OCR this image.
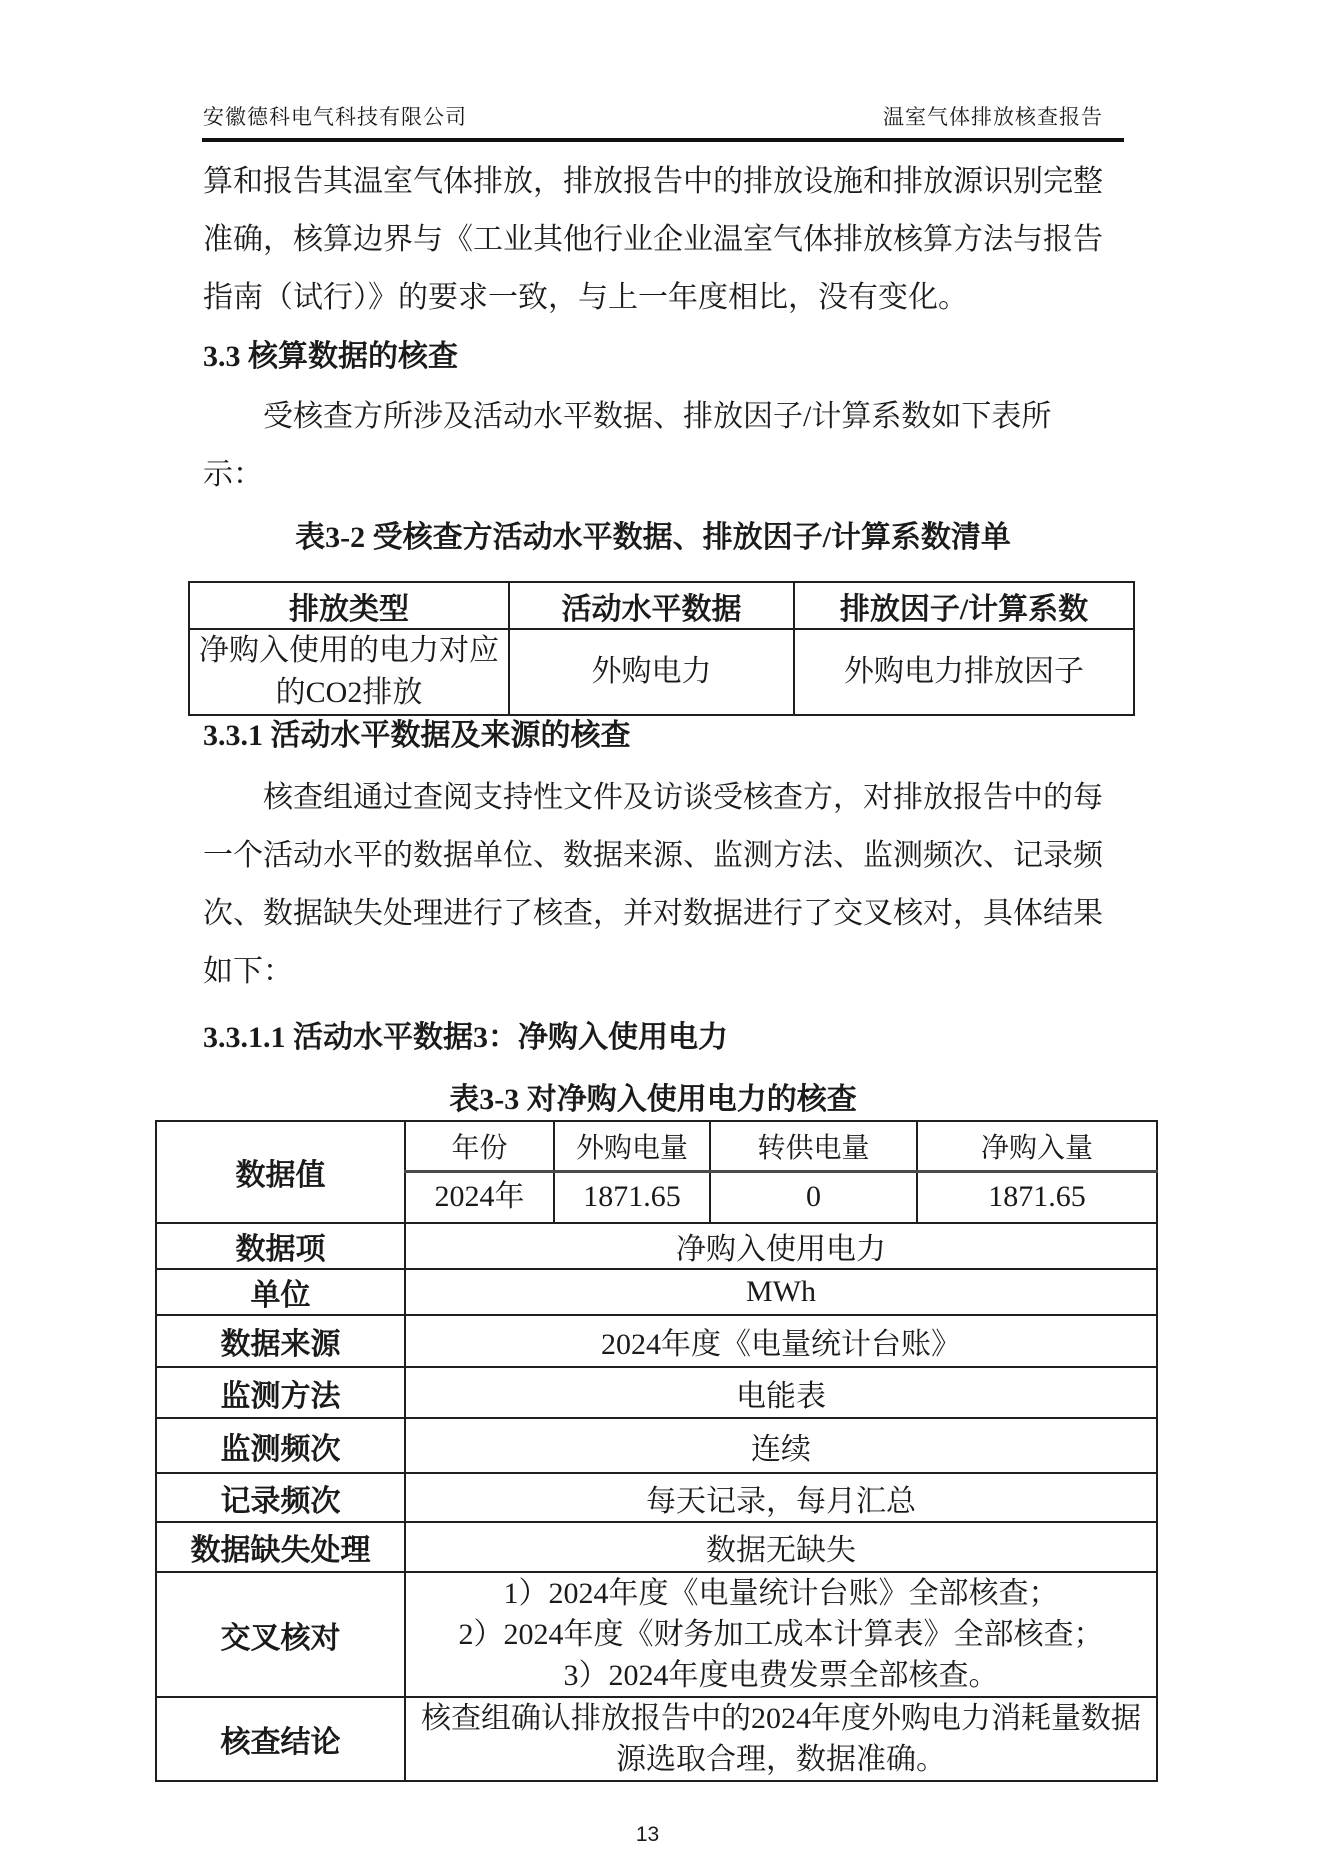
安徽德科电气科技有限公司	温室气体排放核查报告
算和报告其温室气体排放，排放报告中的排放设施和排放源识别完整
准确，核算边界与《工业其他行业企业温室气体排放核算方法与报告
指南（试行）》的要求一致，与上一年度相比，没有变化。
3.3 核算数据的核查
受核查方所涉及活动水平数据、排放因子/计算系数如下表所示：
表3-2 受核查方活动水平数据、排放因子/计算系数清单
排放类型	活动水平数据	排放因子/计算系数
净购入使用的电力对应的CO2排放	外购电力	外购电力排放因子
3.3.1 活动水平数据及来源的核查
核查组通过查阅支持性文件及访谈受核查方，对排放报告中的每
一个活动水平的数据单位、数据来源、监测方法、监测频次、记录频
次、数据缺失处理进行了核查，并对数据进行了交叉核对，具体结果
如下：
3.3.1.1 活动水平数据3：净购入使用电力
表3-3 对净购入使用电力的核查
数据值	年份	外购电量	转供电量	净购入量
	2024年	1871.65	0	1871.65
数据项	净购入使用电力			
单位	MWh			
数据来源	2024年度《电量统计台账》			
监测方法	电能表			
监测频次	连续			
记录频次	每天记录，每月汇总			
数据缺失处理	数据无缺失			
交叉核对	1）2024年度《电量统计台账》全部核查；
2）2024年度《财务加工成本计算表》全部核查；
3）2024年度电费发票全部核查。			

核查结论	核查组确认排放报告中的2024年度外购电力消耗量数据源选取合理，数据准确。			
13
